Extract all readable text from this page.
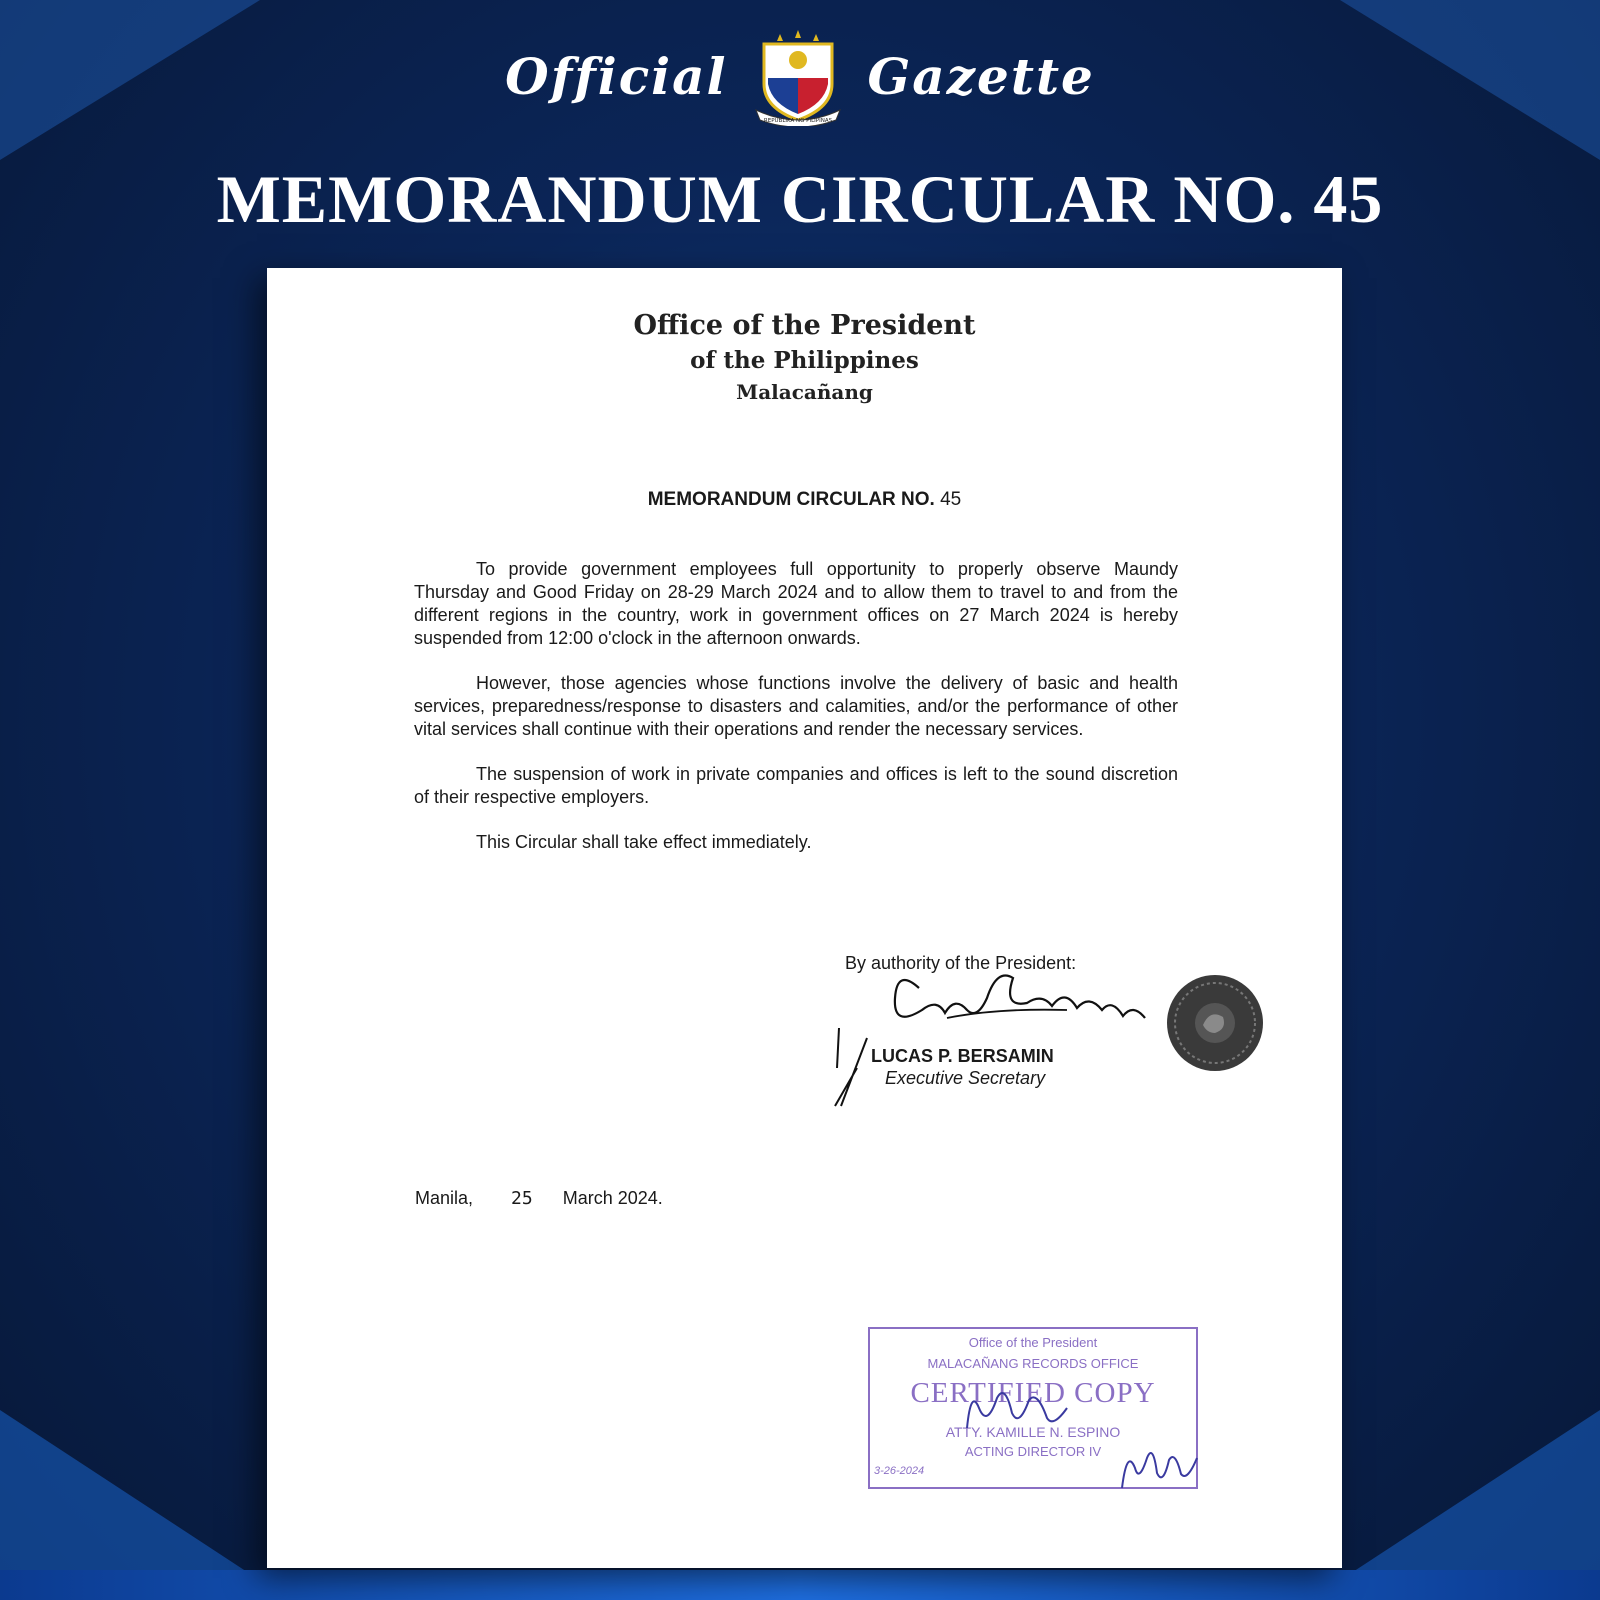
Official
REPUBLIKA NG PILIPINAS
Gazette
MEMORANDUM CIRCULAR NO. 45
Office of the President
of the Philippines
Malacañang
MEMORANDUM CIRCULAR NO. 45

To provide government employees full opportunity to properly observe Maundy Thursday and Good Friday on 28-29 March 2024 and to allow them to travel to and from the different regions in the country, work in government offices on 27 March 2024 is hereby suspended from 12:00 o'clock in the afternoon onwards.

However, those agencies whose functions involve the delivery of basic and health services, preparedness/response to disasters and calamities, and/or the performance of other vital services shall continue with their operations and render the necessary services.

The suspension of work in private companies and offices is left to the sound discretion of their respective employers.

This Circular shall take effect immediately.

By authority of the President:
LUCAS P. BERSAMIN
Executive Secretary
Manila, 25 March 2024.
Office of the President
MALACAÑANG RECORDS OFFICE
CERTIFIED COPY
ATTY. KAMILLE N. ESPINO
ACTING DIRECTOR IV
3-26-2024
